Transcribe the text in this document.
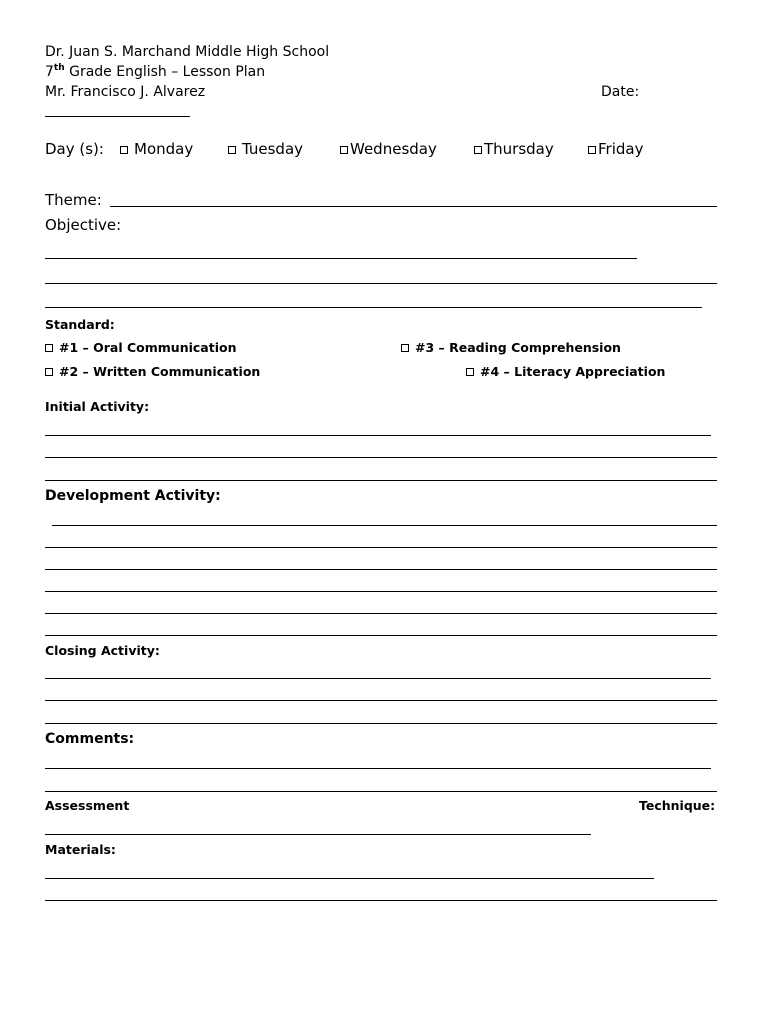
Dr. Juan S. Marchand Middle High School
7th Grade English – Lesson Plan
Mr. Francisco J. Alvarez	Date:
Day (s):	Monday	Tuesday	Wednesday	Thursday	Friday
Theme:
Objective:
Standard:
#1 – Oral Communication	#3 – Reading Comprehension
#2 – Written Communication	#4 – Literacy Appreciation
Initial Activity:
Development Activity:
Closing Activity:
Comments:
Assessment	Technique:
Materials:
